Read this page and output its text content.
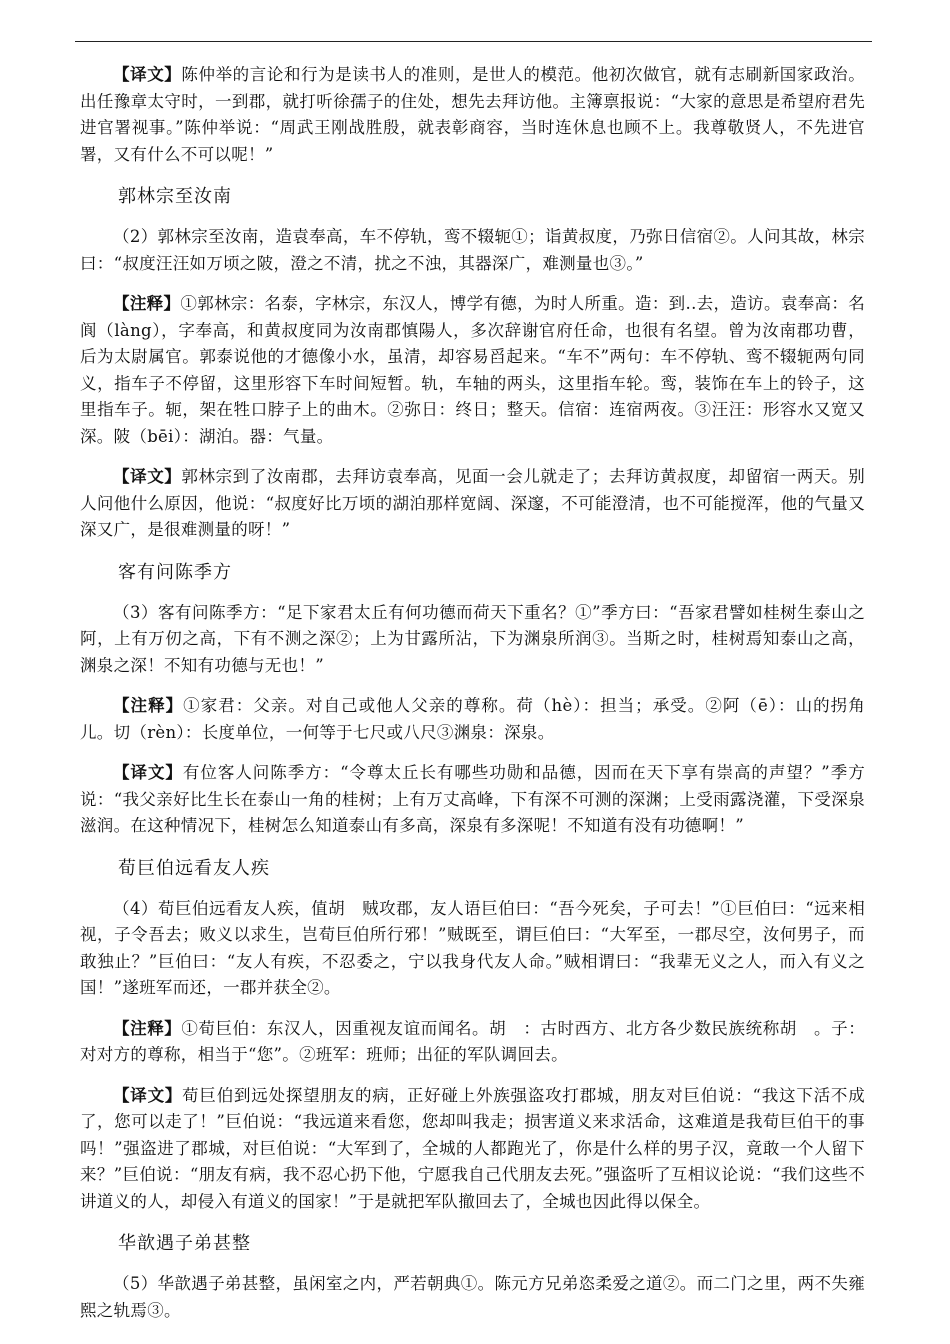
【译文】陈仲举的言论和行为是读书人的准则，是世人的模范。他初次做官，就有志刷新国家政治。出任豫章太守时，一到郡，就打听徐孺子的住处，想先去拜访他。主簿禀报说：“大家的意思是希望府君先进官署视事。”陈仲举说：“周武王刚战胜殷，就表彰商容，当时连休息也顾不上。我尊敬贤人，不先进官署，又有什么不可以呢！”

郭林宗至汝南

（2）郭林宗至汝南，造袁奉高，车不停轨，鸾不辍轭①；诣黄叔度，乃弥日信宿②。人问其故，林宗曰：“叔度汪汪如万顷之陂，澄之不清，扰之不浊，其器深广，难测量也③。”

【注释】①郭林宗：名泰，字林宗，东汉人，博学有德，为时人所重。造：到..去，造访。袁奉高：名阆（làng），字奉高，和黄叔度同为汝南郡慎陽人，多次辞谢官府任命，也很有名望。曾为汝南郡功曹，后为太尉属官。郭泰说他的才德像小水，虽清，却容易舀起来。“车不”两句：车不停轨、鸾不辍轭两句同义，指车子不停留，这里形容下车时间短暂。轨，车轴的两头，这里指车轮。鸾，装饰在车上的铃子，这里指车子。轭，架在牲口脖子上的曲木。②弥日：终日；整天。信宿：连宿两夜。③汪汪：形容水又宽又深。陂（bēi）：湖泊。器：气量。

【译文】郭林宗到了汝南郡，去拜访袁奉高，见面一会儿就走了；去拜访黄叔度，却留宿一两天。别人问他什么原因，他说：“叔度好比万顷的湖泊那样宽阔、深邃，不可能澄清，也不可能搅浑，他的气量又深又广，是很难测量的呀！”

客有问陈季方

（3）客有问陈季方：“足下家君太丘有何功德而荷天下重名？①”季方曰：“吾家君譬如桂树生泰山之阿，上有万仞之高，下有不测之深②；上为甘露所沾，下为渊泉所润③。当斯之时，桂树焉知泰山之高，渊泉之深！不知有功德与无也！”

【注释】①家君：父亲。对自己或他人父亲的尊称。荷（hè）：担当；承受。②阿（ē）：山的拐角儿。切（rèn）：长度单位，一何等于七尺或八尺③渊泉：深泉。

【译文】有位客人问陈季方：“令尊太丘长有哪些功勋和品德，因而在天下享有崇高的声望？”季方说：“我父亲好比生长在泰山一角的桂树；上有万丈高峰，下有深不可测的深渊；上受雨露浇灌，下受深泉滋润。在这种情况下，桂树怎么知道泰山有多高，深泉有多深呢！不知道有没有功德啊！”

荀巨伯远看友人疾

（4）荀巨伯远看友人疾，值胡　贼攻郡，友人语巨伯曰：“吾今死矣，子可去！”①巨伯曰：“远来相视，子令吾去；败义以求生，岂荀巨伯所行邪！”贼既至，谓巨伯曰：“大军至，一郡尽空，汝何男子，而敢独止？”巨伯曰：“友人有疾，不忍委之，宁以我身代友人命。”贼相谓曰：“我辈无义之人，而入有义之国！”遂班军而还，一郡并获全②。

【注释】①荀巨伯：东汉人，因重视友谊而闻名。胡　：古时西方、北方各少数民族统称胡　。子：对对方的尊称，相当于“您”。②班军：班师；出征的军队调回去。

【译文】荀巨伯到远处探望朋友的病，正好碰上外族强盗攻打郡城，朋友对巨伯说：“我这下活不成了，您可以走了！”巨伯说：“我远道来看您，您却叫我走；损害道义来求活命，这难道是我荀巨伯干的事吗！”强盗进了郡城，对巨伯说：“大军到了，全城的人都跑光了，你是什么样的男子汉，竟敢一个人留下来？”巨伯说：“朋友有病，我不忍心扔下他，宁愿我自己代朋友去死。”强盗听了互相议论说：“我们这些不讲道义的人，却侵入有道义的国家！”于是就把军队撤回去了，全城也因此得以保全。

华歆遇子弟甚整

（5）华歆遇子弟甚整，虽闲室之内，严若朝典①。陈元方兄弟恣柔爱之道②。而二门之里，两不失雍熙之轨焉③。
